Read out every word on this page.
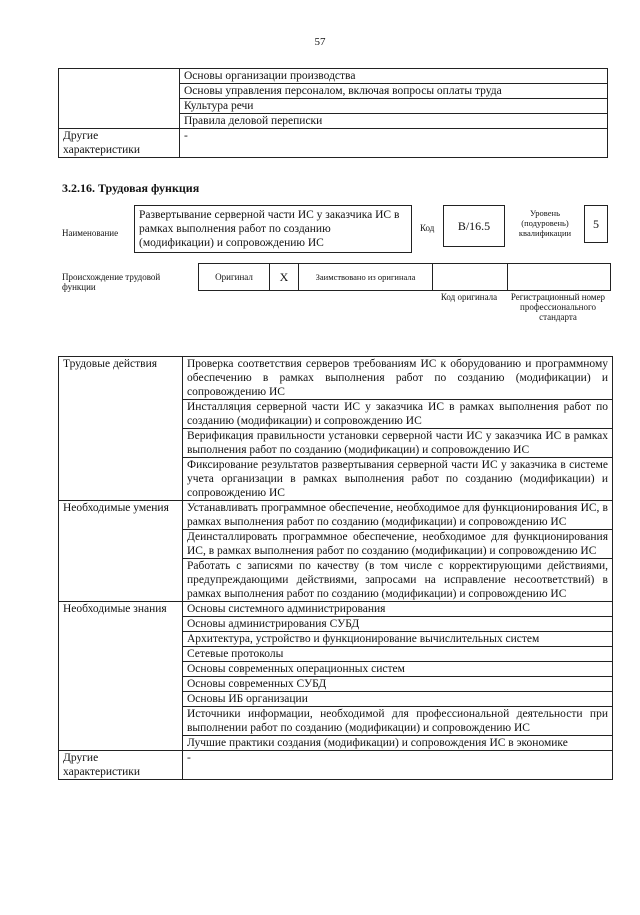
57
	Основы организации производства
	Основы управления персоналом, включая вопросы оплаты труда
	Культура речи
	Правила деловой переписки
Другие характеристики	-
3.2.16. Трудовая функция
Наименование
Развертывание серверной части ИС у заказчика ИС в рамках выполнения работ по созданию (модификации) и сопровождению ИС
Код	B/16.5
Уровень (подуровень) квалификации
5
Происхождение трудовой функции
Оригинал	X	Заимствовано из оригинала		
Код оригинала	Регистрационный номер профессионального стандарта
Трудовые действия	Проверка соответствия серверов требованиям ИС к оборудованию и программному обеспечению в рамках выполнения работ по созданию (модификации) и сопровождению ИС
	Инсталляция серверной части ИС у заказчика ИС в рамках выполнения работ по созданию (модификации) и сопровождению ИС
	Верификация правильности установки серверной части ИС у заказчика ИС в рамках выполнения работ по созданию (модификации) и сопровождению ИС
	Фиксирование результатов развертывания серверной части ИС у заказчика в системе учета организации в рамках выполнения работ по созданию (модификации) и сопровождению ИС
Необходимые умения	Устанавливать программное обеспечение, необходимое для функционирования ИС, в рамках выполнения работ по созданию (модификации) и сопровождению ИС
	Деинсталлировать программное обеспечение, необходимое для функционирования ИС, в рамках выполнения работ по созданию (модификации) и сопровождению ИС
	Работать с записями по качеству (в том числе с корректирующими действиями, предупреждающими действиями, запросами на исправление несоответствий) в рамках выполнения работ по созданию (модификации) и сопровождению ИС
Необходимые знания	Основы системного администрирования
	Основы администрирования СУБД
	Архитектура, устройство и функционирование вычислительных систем
	Сетевые протоколы
	Основы современных операционных систем
	Основы современных СУБД
	Основы ИБ организации
	Источники информации, необходимой для профессиональной деятельности при выполнении работ по созданию (модификации) и сопровождению ИС
	Лучшие практики создания (модификации) и сопровождения ИС в экономике
Другие характеристики	-
